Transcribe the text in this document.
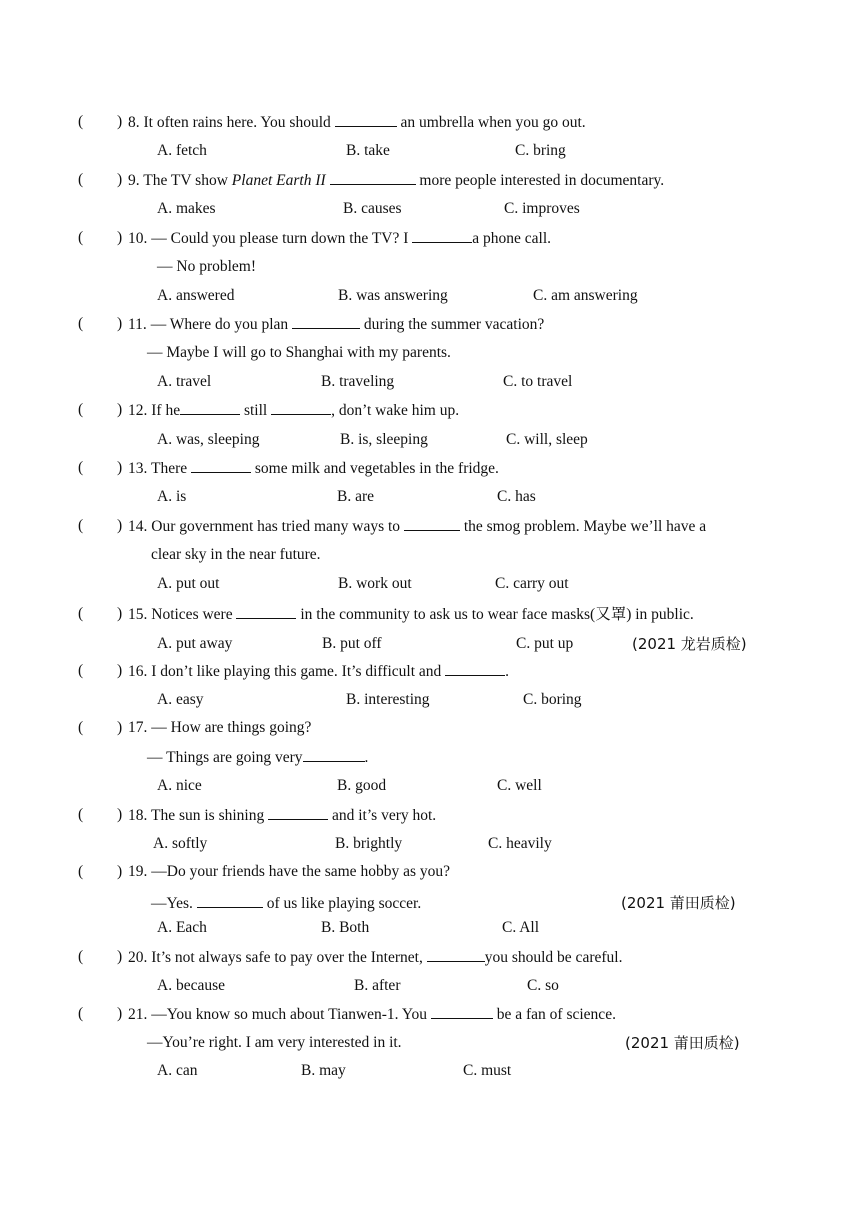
( ) 8. It often rains here. You should	an umbrella when you go out.
A. fetch	B. take	C. bring
( ) 9. The TV show Planet Earth II	more people interested in documentary.
A. makes	B. causes	C. improves
( ) 10. — Could you please turn down the TV? I	a phone call.
— No problem!
A. answered	B. was answering	C. am answering
( ) 11. — Where do you plan	during the summer vacation?
— Maybe I will go to Shanghai with my parents.
A. travel	B. traveling	C. to travel
( ) 12. If he	still	, don’t wake him up.
A. was, sleeping	B. is, sleeping	C. will, sleep
( ) 13. There	some milk and vegetables in the fridge.
A. is	B. are	C. has
( ) 14. Our government has tried many ways to	the smog problem. Maybe we’ll have a
clear sky in the near future.
A. put out	B. work out	C. carry out
( ) 15. Notices were	in the community to ask us to wear face masks(又罩) in public.
A. put away	B. put off	C. put up	(2021 龙岩质检)
( ) 16. I don’t like playing this game. It’s difficult and	.
A. easy	B. interesting	C. boring
( ) 17. — How are things going?
— Things are going very	.
A. nice	B. good	C. well
( ) 18. The sun is shining	and it’s very hot.
A. softly	B. brightly	C. heavily
( ) 19. —Do your friends have the same hobby as you?
—Yes.	of us like playing soccer.	(2021 莆田质检)
A. Each	B. Both	C. All
( ) 20. It’s not always safe to pay over the Internet,	you should be careful.
A. because	B. after	C. so
( ) 21. —You know so much about Tianwen-1. You	be a fan of science.
—You’re right. I am very interested in it.	(2021 莆田质检)
A. can	B. may	C. must
